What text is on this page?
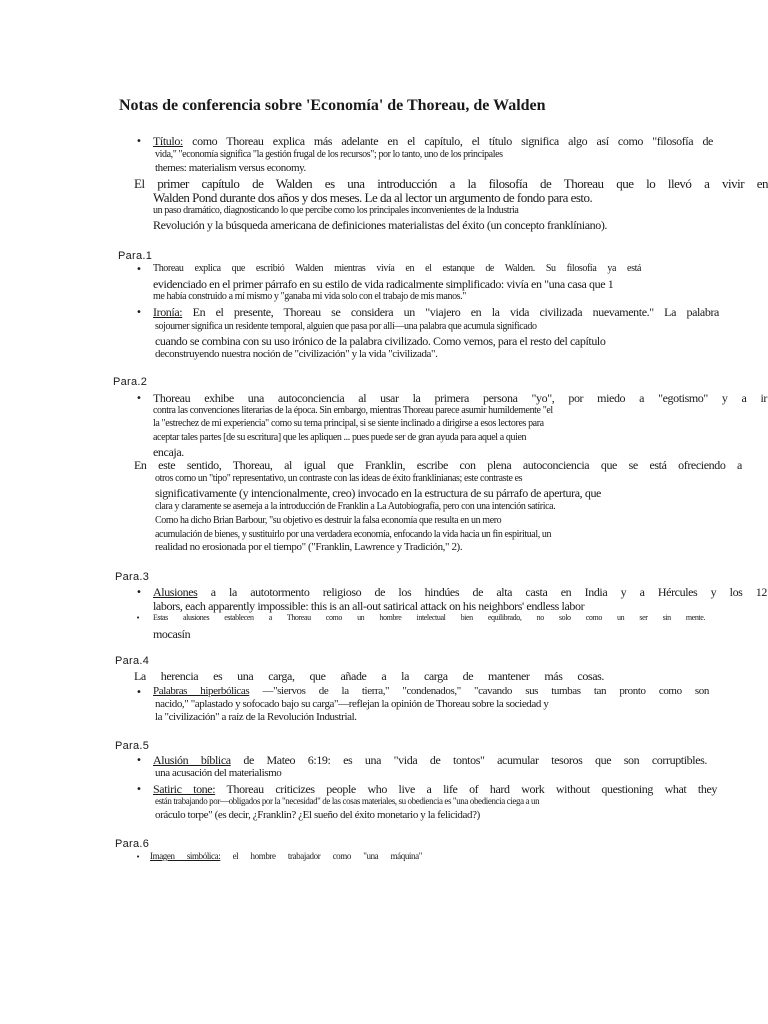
Notas de conferencia sobre 'Economía' de Thoreau, de Walden
• Título: como Thoreau explica más adelante en el capítulo, el título significa algo así como "filosofía de
vida," "economía significa "la gestión frugal de los recursos"; por lo tanto, uno de los principales
themes: materialism versus economy.
El primer capítulo de Walden es una introducción a la filosofía de Thoreau que lo llevó a vivir en
Walden Pond durante dos años y dos meses. Le da al lector un argumento de fondo para esto.
un paso dramático, diagnosticando lo que percibe como los principales inconvenientes de la Industria
Revolución y la búsqueda americana de definiciones materialistas del éxito (un concepto franklíniano).
Para.1
• Thoreau explica que escribió Walden mientras vivía en el estanque de Walden. Su filosofía ya está
evidenciado en el primer párrafo en su estilo de vida radicalmente simplificado: vivía en "una casa que 1
me había construido a mí mismo y "ganaba mi vida solo con el trabajo de mis manos."
• Ironía: En el presente, Thoreau se considera un "viajero en la vida civilizada nuevamente." La palabra
sojourner significa un residente temporal, alguien que pasa por allí—una palabra que acumula significado
cuando se combina con su uso irónico de la palabra civilizado. Como vemos, para el resto del capítulo
deconstruyendo nuestra noción de "civilización" y la vida "civilizada".
Para.2
• Thoreau exhibe una autoconciencia al usar la primera persona "yo", por miedo a "egotismo" y a ir
contra las convenciones literarias de la época. Sin embargo, mientras Thoreau parece asumir humildemente "el
la "estrechez de mi experiencia" como su tema principal, si se siente inclinado a dirigirse a esos lectores para
aceptar tales partes [de su escritura] que les apliquen ... pues puede ser de gran ayuda para aquel a quien
encaja.
En este sentido, Thoreau, al igual que Franklin, escribe con plena autoconciencia que se está ofreciendo a
otros como un "tipo" representativo, un contraste con las ideas de éxito franklinianas; este contraste es
significativamente (y intencionalmente, creo) invocado en la estructura de su párrafo de apertura, que
clara y claramente se asemeja a la introducción de Franklin a La Autobiografía, pero con una intención satírica.
Como ha dicho Brian Barbour, "su objetivo es destruir la falsa economía que resulta en un mero
acumulación de bienes, y sustituirlo por una verdadera economía, enfocando la vida hacia un fin espiritual, un
realidad no erosionada por el tiempo" ("Franklin, Lawrence y Tradición," 2).
Para.3
• Alusiones a la autotormento religioso de los hindúes de alta casta en India y a Hércules y los 12
labors, each apparently impossible: this is an all-out satirical attack on his neighbors' endless labor
• Estas alusiones establecen a Thoreau como un hombre intelectual bien equilibrado, no solo como un ser sin mente.
mocasín
Para.4
La herencia es una carga, que añade a la carga de mantener más cosas.
• Palabras hiperbólicas —"siervos de la tierra," "condenados," "cavando sus tumbas tan pronto como son
nacido," "aplastado y sofocado bajo su carga"—reflejan la opinión de Thoreau sobre la sociedad y
la "civilización" a raíz de la Revolución Industrial.
Para.5
• Alusión bíblica de Mateo 6:19: es una "vida de tontos" acumular tesoros que son corruptibles.
una acusación del materialismo
• Satiric tone: Thoreau criticizes people who live a life of hard work without questioning what they
están trabajando por—obligados por la "necesidad" de las cosas materiales, su obediencia es "una obediencia ciega a un
oráculo torpe" (es decir, ¿Franklin? ¿El sueño del éxito monetario y la felicidad?)
Para.6
• Imagen simbólica: el hombre trabajador como "una máquina"
